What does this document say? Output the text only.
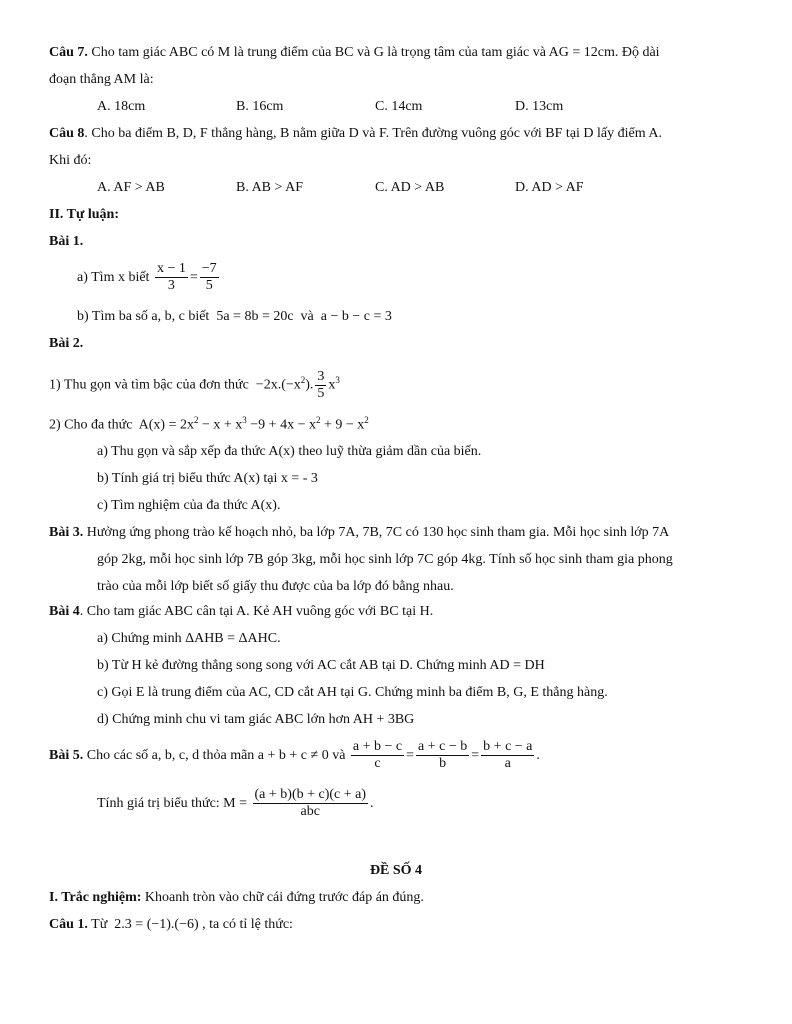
Câu 7. Cho tam giác ABC có M là trung điểm của BC và G là trọng tâm của tam giác và AG = 12cm. Độ dài
đoạn thẳng AM là:
A. 18cm	B. 16cm	C. 14cm	D. 13cm
Câu 8. Cho ba điểm B, D, F thẳng hàng, B nằm giữa D và F. Trên đường vuông góc với BF tại D lấy điểm A.
Khi đó:
A. AF > AB	B. AB > AF	C. AD > AB	D. AD > AF
II. Tự luận:
Bài 1.
a) Tìm x biết $\frac{x - 1}{3} = \frac{-7}{5}$
b) Tìm ba số a, b, c biết 5a = 8b = 20c và a − b − c = 3
Bài 2.
1) Thu gọn và tìm bậc của đơn thức $-2x.(-x^2)$. $\frac{3}{5} x^3$
2) Cho đa thức $A(x) = 2x^2 - x + x^3 -9 + 4x - x^2 + 9 - x^2$
a) Thu gọn và sắp xếp đa thức A(x) theo luỹ thừa giảm dần của biến.
b) Tính giá trị biểu thức A(x) tại x = - 3
c) Tìm nghiệm của đa thức A(x).
Bài 3. Hưởng ứng phong trào kế hoạch nhỏ, ba lớp 7A, 7B, 7C có 130 học sinh tham gia. Mỗi học sinh lớp 7A
góp 2kg, mỗi học sinh lớp 7B góp 3kg, mỗi học sinh lớp 7C góp 4kg. Tính số học sinh tham gia phong
trào của mỗi lớp biết số giấy thu được của ba lớp đó bằng nhau.
Bài 4. Cho tam giác ABC cân tại A. Kẻ AH vuông góc với BC tại H.
a) Chứng minh ΔAHB = ΔAHC.
b) Từ H kẻ đường thẳng song song với AC cắt AB tại D. Chứng minh AD = DH
c) Gọi E là trung điểm của AC, CD cắt AH tại G. Chứng minh ba điểm B, G, E thẳng hàng.
d) Chứng minh chu vi tam giác ABC lớn hơn AH + 3BG
Bài 5. Cho các số a, b, c, d thỏa mãn a + b + c ≠ 0 và $\frac{a + b - c}{c} = \frac{a + c - b}{b} = \frac{b + c - a}{a}$ .
Tính giá trị biểu thức: $M = \frac{(a + b)(b + c)(c + a)}{\text{abc}}$ .
ĐỀ SỐ 4
I. Trắc nghiệm: Khoanh tròn vào chữ cái đứng trước đáp án đúng.
Câu 1. Từ 2.3 = (−1).(−6) , ta có tỉ lệ thức:
